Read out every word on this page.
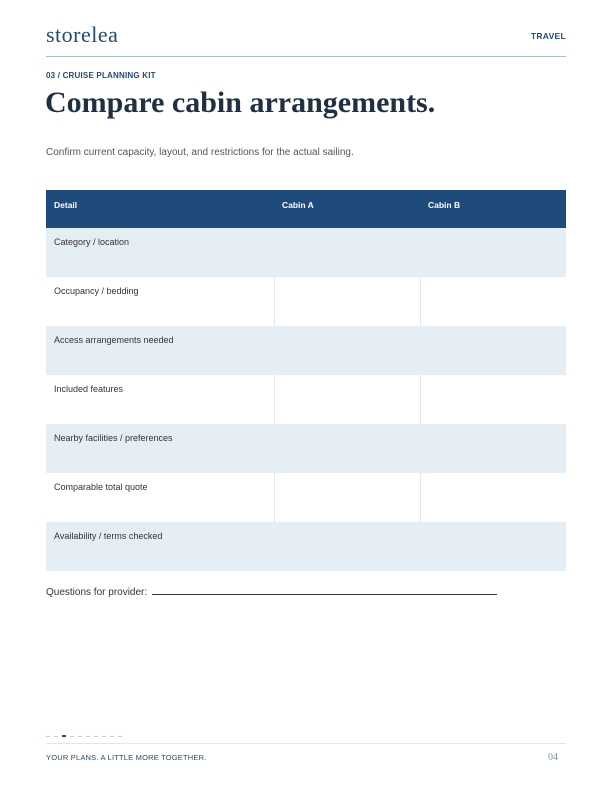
storelea	TRAVEL
03 / CRUISE PLANNING KIT
Compare cabin arrangements.

Confirm current capacity, layout, and restrictions for the actual sailing.

Detail	Cabin A	Cabin B
Category / location
Occupancy / bedding
Access arrangements needed
Included features
Nearby facilities / preferences
Comparable total quote
Availability / terms checked
Questions for provider:
YOUR PLANS. A LITTLE MORE TOGETHER.	04
